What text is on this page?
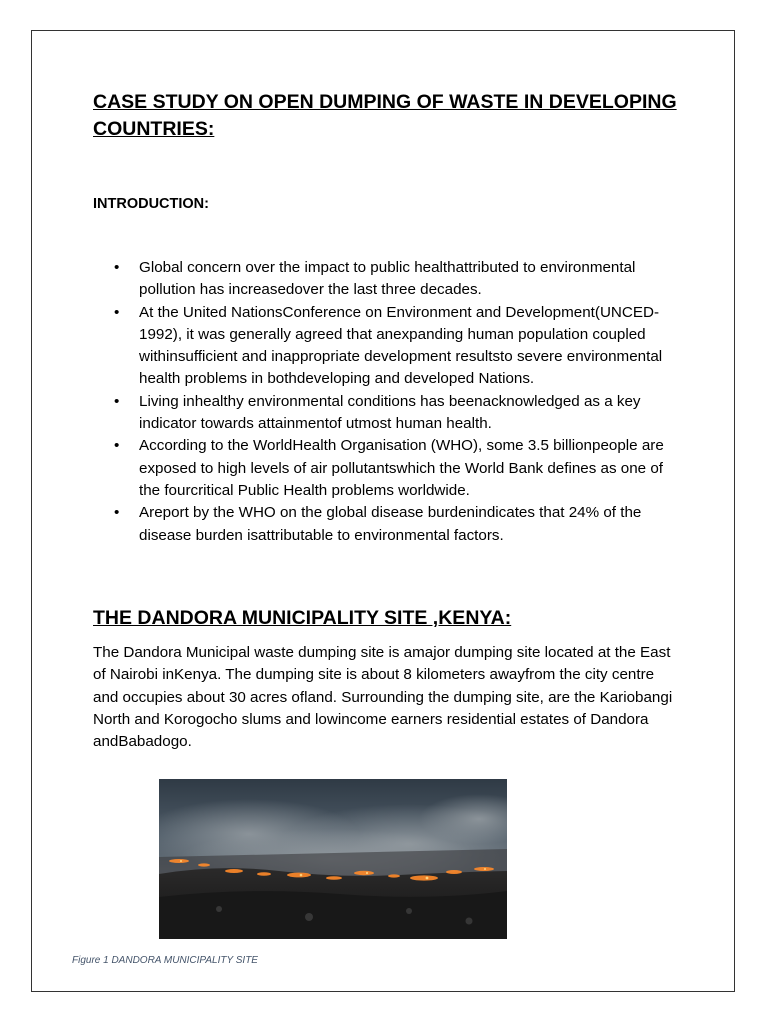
CASE STUDY ON OPEN DUMPING OF WASTE IN DEVELOPING COUNTRIES:
INTRODUCTION:
• Global concern over the impact to public healthattributed to environmental pollution has increasedover the last three decades.
• At the United NationsConference on Environment and Development(UNCED-1992), it was generally agreed that anexpanding human population coupled withinsufficient and inappropriate development resultsto severe environmental health problems in bothdeveloping and developed Nations.
• Living inhealthy environmental conditions has beenacknowledged as a key indicator towards attainmentof utmost human health.
• According to the WorldHealth Organisation (WHO), some 3.5 billionpeople are exposed to high levels of air pollutantswhich the World Bank defines as one of the fourcritical Public Health problems worldwide.
• Areport by the WHO on the global disease burdenindicates that 24% of the disease burden isattributable to environmental factors.
THE DANDORA MUNICIPALITY SITE ,KENYA:

The Dandora Municipal waste dumping site is amajor dumping site located at the East of Nairobi inKenya. The dumping site is about 8 kilometers awayfrom the city centre and occupies about 30 acres ofland. Surrounding the dumping site, are the Kariobangi North and Korogocho slums and lowincome earners residential estates of Dandora andBabadogo.

Figure 1 DANDORA MUNICIPALITY SITE
